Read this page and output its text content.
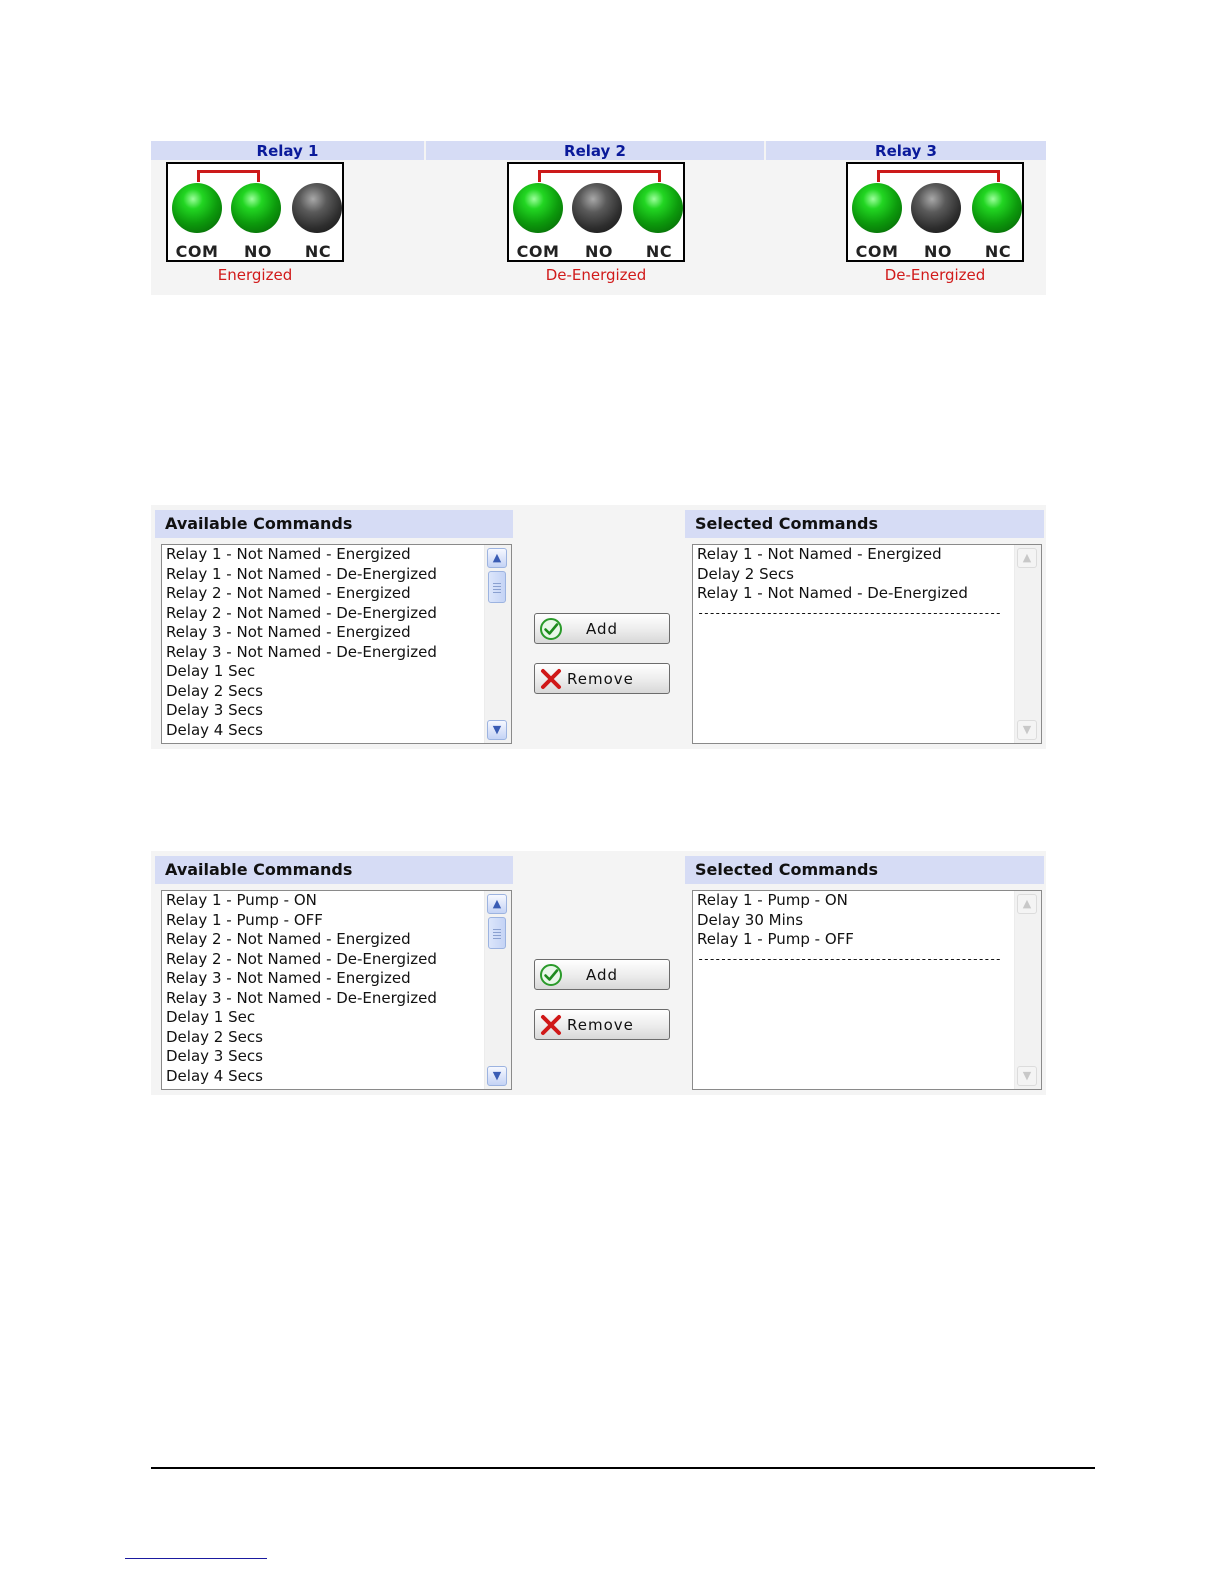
Relay 1	Relay 2	Relay 3
COM	NO	NC
Energized
COM	NO	NC
De-Energized
COM	NO	NC
De-Energized
Available Commands	Selected Commands
Relay 1 - Not Named - Energized
Relay 1 - Not Named - De-Energized
Relay 2 - Not Named - Energized
Relay 2 - Not Named - De-Energized
Relay 3 - Not Named - Energized
Relay 3 - Not Named - De-Energized
Delay 1 Sec
Delay 2 Secs
Delay 3 Secs
Delay 4 Secs
▲
▼
Add
Remove
Relay 1 - Not Named - Energized
Delay 2 Secs
Relay 1 - Not Named - De-Energized
-----------------------------------------------------
▲
▼
Available Commands	Selected Commands
Relay 1 - Pump - ON
Relay 1 - Pump - OFF
Relay 2 - Not Named - Energized
Relay 2 - Not Named - De-Energized
Relay 3 - Not Named - Energized
Relay 3 - Not Named - De-Energized
Delay 1 Sec
Delay 2 Secs
Delay 3 Secs
Delay 4 Secs
▲
▼
Add
Remove
Relay 1 - Pump - ON
Delay 30 Mins
Relay 1 - Pump - OFF
-----------------------------------------------------
▲
▼
